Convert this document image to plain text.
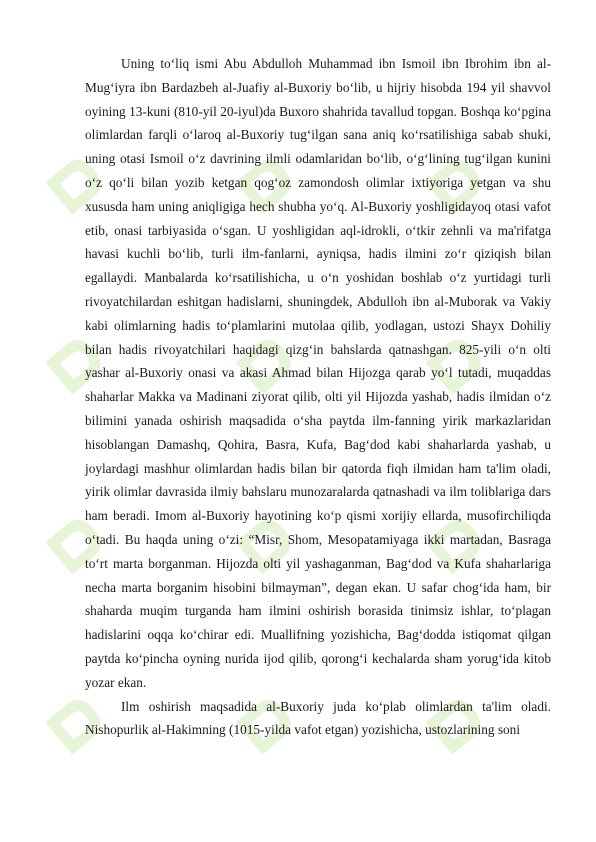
Uning to‘liq ismi Abu Abdulloh Muhammad ibn Ismoil ibn Ibrohim ibn al-Mug‘iyra ibn Bardazbeh al-Juafiy al-Buxoriy bo‘lib, u hijriy hisobda 194 yil shavvol oyining 13-kuni (810-yil 20-iyul)da Buxoro shahrida tavallud topgan. Boshqa ko‘pgina olimlardan farqli o‘laroq al-Buxoriy tug‘ilgan sana aniq ko‘rsatilishiga sabab shuki, uning otasi Ismoil o‘z davrining ilmli odamlaridan bo‘lib, o‘g‘lining tug‘ilgan kunini o‘z qo‘li bilan yozib ketgan qog‘oz zamondosh olimlar ixtiyoriga yetgan va shu xususda ham uning aniqligiga hech shubha yo‘q. Al-Buxoriy yoshligidayoq otasi vafot etib, onasi tarbiyasida o‘sgan. U yoshligidan aql-idrokli, o‘tkir zehnli va ma'rifatga havasi kuchli bo‘lib, turli ilm-fanlarni, ayniqsa, hadis ilmini zo‘r qiziqish bilan egallaydi. Manbalarda ko‘rsatilishicha, u o‘n yoshidan boshlab o‘z yurtidagi turli rivoyatchilardan eshitgan hadislarni, shuningdek, Abdulloh ibn al-Muborak va Vakiy kabi olimlarning hadis to‘plamlarini mutolaa qilib, yodlagan, ustozi Shayx Dohiliy bilan hadis rivoyatchilari haqidagi qizg‘in bahslarda qatnashgan. 825-yili o‘n olti yashar al-Buxoriy onasi va akasi Ahmad bilan Hijozga qarab yo‘l tutadi, muqaddas shaharlar Makka va Madinani ziyorat qilib, olti yil Hijozda yashab, hadis ilmidan o‘z bilimini yanada oshirish maqsadida o‘sha paytda ilm-fanning yirik markazlaridan hisoblangan Damashq, Qohira, Basra, Kufa, Bag‘dod kabi shaharlarda yashab, u joylardagi mashhur olimlardan hadis bilan bir qatorda fiqh ilmidan ham ta'lim oladi, yirik olimlar davrasida ilmiy bahslaru munozaralarda qatnashadi va ilm toliblariga dars ham beradi. Imom al-Buxoriy hayotining ko‘p qismi xorijiy ellarda, musofirchiliqda o‘tadi. Bu haqda uning o‘zi: “Misr, Shom, Mesopatamiyaga ikki martadan, Basraga to‘rt marta borganman. Hijozda olti yil yashaganman, Bag‘dod va Kufa shaharlariga necha marta borganim hisobini bilmayman”, degan ekan. U safar chog‘ida ham, bir shaharda muqim turganda ham ilmini oshirish borasida tinimsiz ishlar, to‘plagan hadislarini oqqa ko‘chirar edi. Muallifning yozishicha, Bag‘dodda istiqomat qilgan paytda ko‘pincha oyning nurida ijod qilib, qorong‘i kechalarda sham yorug‘ida kitob yozar ekan.

Ilm oshirish maqsadida al-Buxoriy juda ko‘plab olimlardan ta'lim oladi. Nishopurlik al-Hakimning (1015-yilda vafot etgan) yozishicha, ustozlarining soni
